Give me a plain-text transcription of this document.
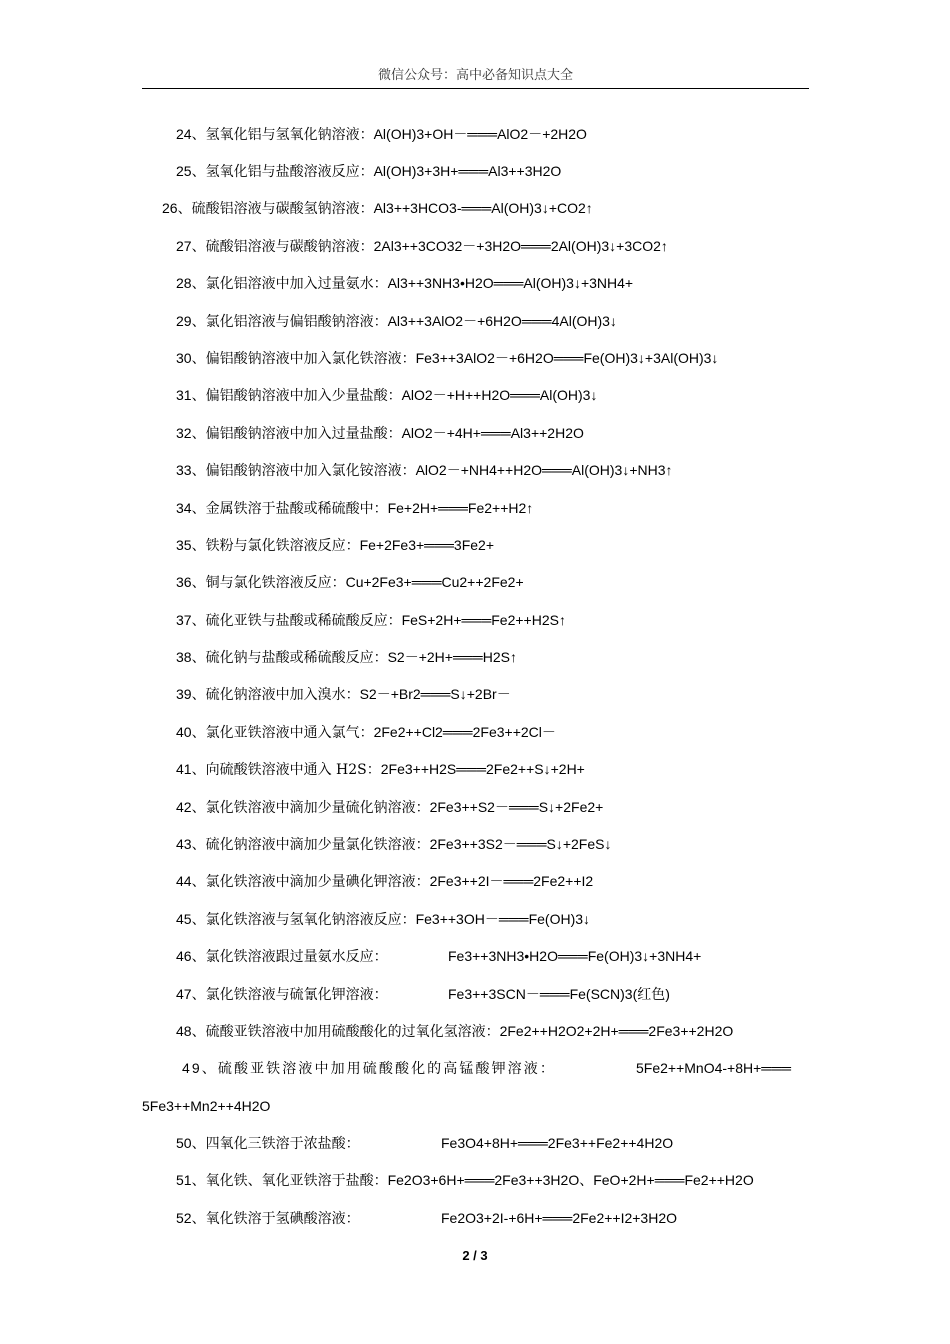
微信公众号：高中必备知识点大全
24、氢氧化铝与氢氧化钠溶液：Al(OH)3+OH－═══AlO2－+2H2O
25、氢氧化铝与盐酸溶液反应：Al(OH)3+3H+═══Al3++3H2O
26、硫酸铝溶液与碳酸氢钠溶液：Al3++3HCO3-═══Al(OH)3↓+CO2↑
27、硫酸铝溶液与碳酸钠溶液：2Al3++3CO32－+3H2O═══2Al(OH)3↓+3CO2↑
28、氯化铝溶液中加入过量氨水：Al3++3NH3•H2O═══Al(OH)3↓+3NH4+
29、氯化铝溶液与偏铝酸钠溶液：Al3++3AlO2－+6H2O═══4Al(OH)3↓
30、偏铝酸钠溶液中加入氯化铁溶液：Fe3++3AlO2－+6H2O═══Fe(OH)3↓+3Al(OH)3↓
31、偏铝酸钠溶液中加入少量盐酸：AlO2－+H++H2O═══Al(OH)3↓
32、偏铝酸钠溶液中加入过量盐酸：AlO2－+4H+═══Al3++2H2O
33、偏铝酸钠溶液中加入氯化铵溶液：AlO2－+NH4++H2O═══Al(OH)3↓+NH3↑
34、金属铁溶于盐酸或稀硫酸中：Fe+2H+═══Fe2++H2↑
35、铁粉与氯化铁溶液反应：Fe+2Fe3+═══3Fe2+
36、铜与氯化铁溶液反应：Cu+2Fe3+═══Cu2++2Fe2+
37、硫化亚铁与盐酸或稀硫酸反应：FeS+2H+═══Fe2++H2S↑
38、硫化钠与盐酸或稀硫酸反应：S2－+2H+═══H2S↑
39、硫化钠溶液中加入溴水：S2－+Br2═══S↓+2Br－
40、氯化亚铁溶液中通入氯气：2Fe2++Cl2═══2Fe3++2Cl－
41、向硫酸铁溶液中通入 H2S：2Fe3++H2S═══2Fe2++S↓+2H+
42、氯化铁溶液中滴加少量硫化钠溶液：2Fe3++S2－═══S↓+2Fe2+
43、硫化钠溶液中滴加少量氯化铁溶液：2Fe3++3S2－═══S↓+2FeS↓
44、氯化铁溶液中滴加少量碘化钾溶液：2Fe3++2I－═══2Fe2++I2
45、氯化铁溶液与氢氧化钠溶液反应：Fe3++3OH－═══Fe(OH)3↓
46、氯化铁溶液跟过量氨水反应：	Fe3++3NH3•H2O═══Fe(OH)3↓+3NH4+
47、氯化铁溶液与硫氰化钾溶液：	Fe3++3SCN－═══Fe(SCN)3(红色)
48、硫酸亚铁溶液中加用硫酸酸化的过氧化氢溶液：2Fe2++H2O2+2H+═══2Fe3++2H2O
49、硫酸亚铁溶液中加用硫酸酸化的高锰酸钾溶液：	5Fe2++MnO4-+8H+═══
5Fe3++Mn2++4H2O
50、四氧化三铁溶于浓盐酸：	Fe3O4+8H+═══2Fe3++Fe2++4H2O
51、氧化铁、氧化亚铁溶于盐酸：Fe2O3+6H+═══2Fe3++3H2O、FeO+2H+═══Fe2++H2O
52、氧化铁溶于氢碘酸溶液：	Fe2O3+2I-+6H+═══2Fe2++I2+3H2O
2 / 3
